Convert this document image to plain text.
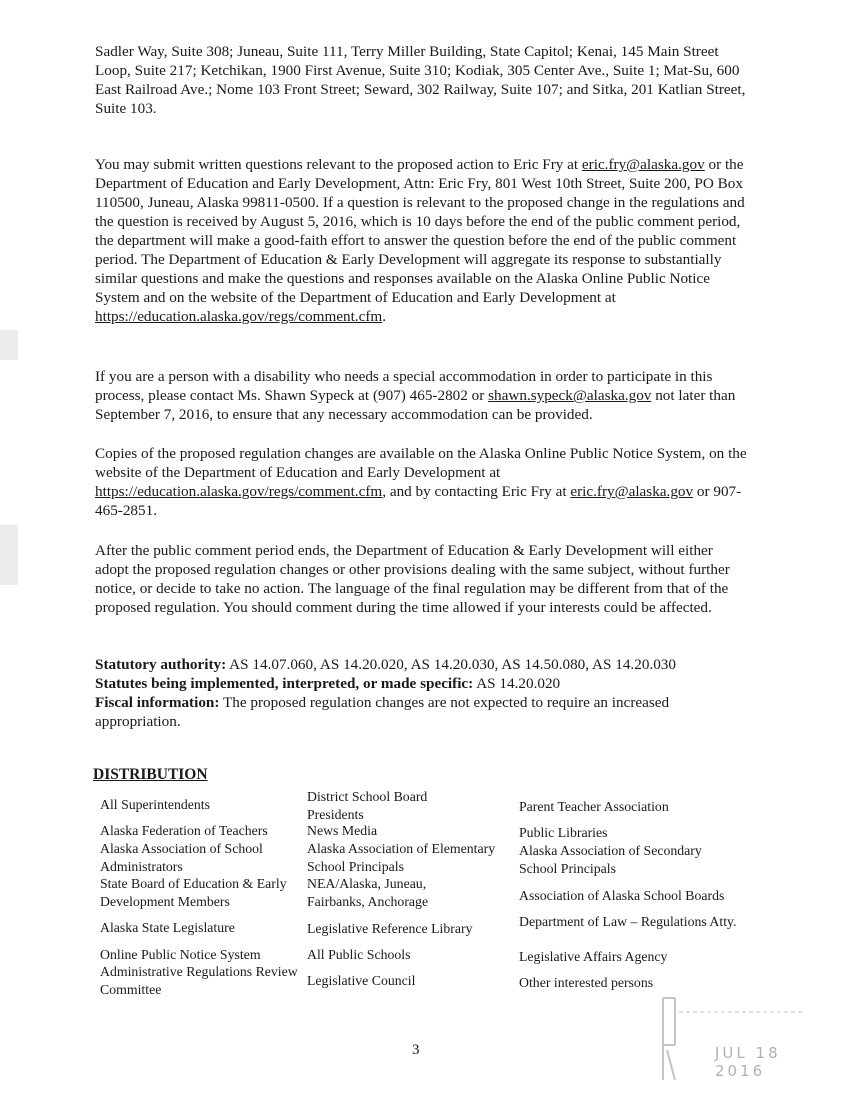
Sadler Way, Suite 308; Juneau, Suite 111, Terry Miller Building, State Capitol; Kenai, 145 Main Street Loop, Suite 217; Ketchikan, 1900 First Avenue, Suite 310; Kodiak, 305 Center Ave., Suite 1; Mat-Su, 600 East Railroad Ave.; Nome 103 Front Street; Seward, 302 Railway, Suite 107; and Sitka, 201 Katlian Street, Suite 103.

You may submit written questions relevant to the proposed action to Eric Fry at eric.fry@alaska.gov or the Department of Education and Early Development, Attn: Eric Fry, 801 West 10th Street, Suite 200, PO Box 110500, Juneau, Alaska 99811-0500. If a question is relevant to the proposed change in the regulations and the question is received by August 5, 2016, which is 10 days before the end of the public comment period, the department will make a good-faith effort to answer the question before the end of the public comment period. The Department of Education & Early Development will aggregate its response to substantially similar questions and make the questions and responses available on the Alaska Online Public Notice System and on the website of the Department of Education and Early Development at https://education.alaska.gov/regs/comment.cfm.

If you are a person with a disability who needs a special accommodation in order to participate in this process, please contact Ms. Shawn Sypeck at (907) 465-2802 or shawn.sypeck@alaska.gov not later than September 7, 2016, to ensure that any necessary accommodation can be provided.

Copies of the proposed regulation changes are available on the Alaska Online Public Notice System, on the website of the Department of Education and Early Development at https://education.alaska.gov/regs/comment.cfm, and by contacting Eric Fry at eric.fry@alaska.gov or 907-465-2851.

After the public comment period ends, the Department of Education & Early Development will either adopt the proposed regulation changes or other provisions dealing with the same subject, without further notice, or decide to take no action. The language of the final regulation may be different from that of the proposed regulation. You should comment during the time allowed if your interests could be affected.

Statutory authority: AS 14.07.060, AS 14.20.020, AS 14.20.030, AS 14.50.080, AS 14.20.030
Statutes being implemented, interpreted, or made specific: AS 14.20.020
Fiscal information: The proposed regulation changes are not expected to require an increased appropriation.

DISTRIBUTION

All Superintendents

Alaska Federation of Teachers

Alaska Association of School Administrators

State Board of Education & Early Development Members

Alaska State Legislature

Online Public Notice System

Administrative Regulations Review Committee

District School Board Presidents

News Media

Alaska Association of Elementary School Principals

NEA/Alaska, Juneau, Fairbanks, Anchorage

Legislative Reference Library

All Public Schools

Legislative Council

Parent Teacher Association

Public Libraries

Alaska Association of Secondary School Principals

Association of Alaska School Boards

Department of Law – Regulations Atty.

Legislative Affairs Agency

Other interested persons

3	JUL 18 2016
